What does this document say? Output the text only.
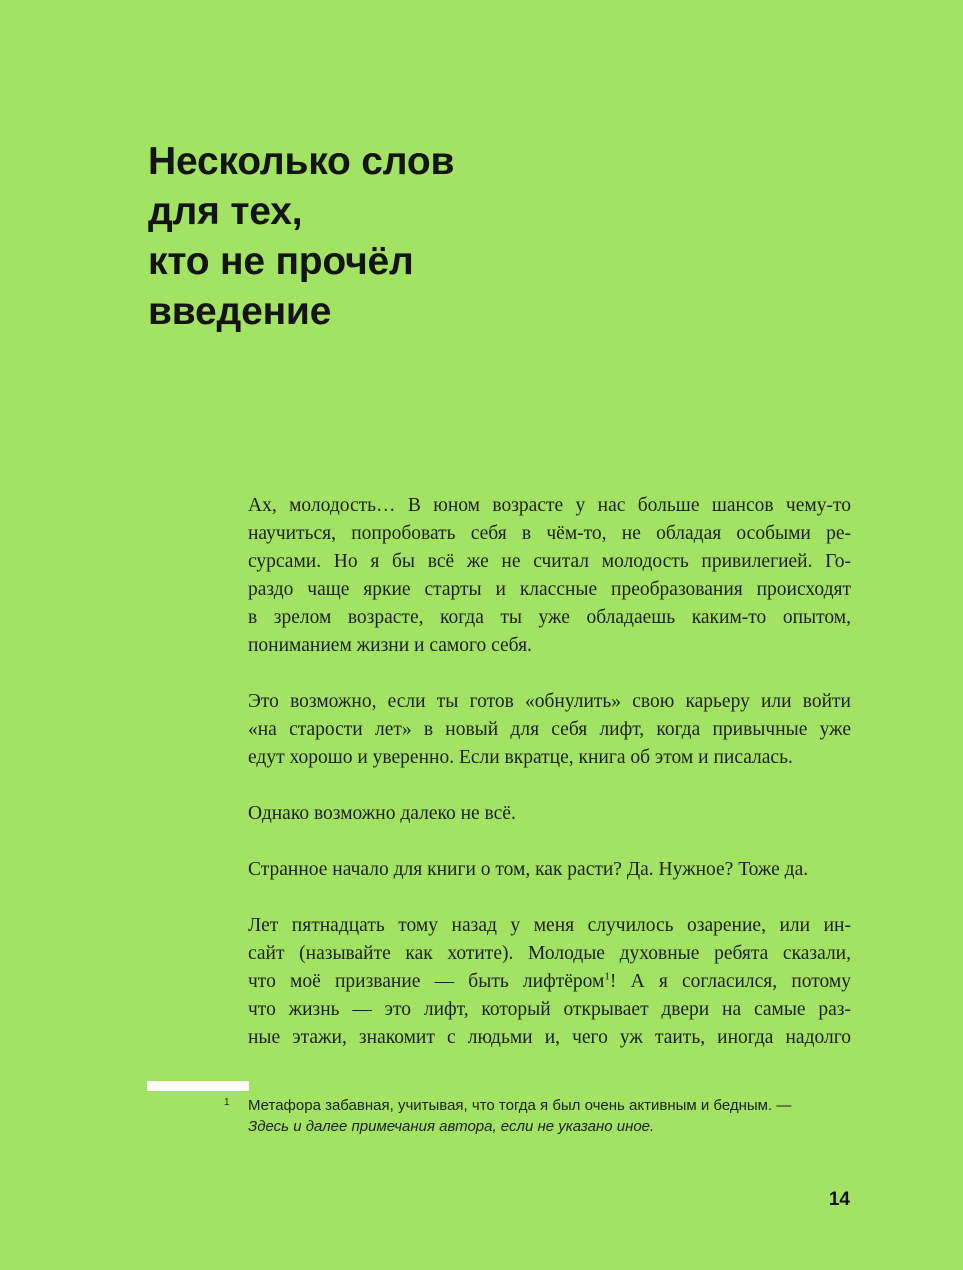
Несколько слов
для тех,
кто не прочёл
введение

Ах, молодость… В юном возрасте у нас больше шансов чему-то
научиться, попробовать себя в чём-то, не обладая особыми ре-
сурсами. Но я бы всё же не считал молодость привилегией. Го-
раздо чаще яркие старты и классные преобразования происходят
в зрелом возрасте, когда ты уже обладаешь каким-то опытом,
пониманием жизни и самого себя.

Это возможно, если ты готов «обнулить» свою карьеру или войти
«на старости лет» в новый для себя лифт, когда привычные уже
едут хорошо и уверенно. Если вкратце, книга об этом и писалась.

Однако возможно далеко не всё.

Странное начало для книги о том, как расти? Да. Нужное? Тоже да.

Лет пятнадцать тому назад у меня случилось озарение, или ин-
сайт (называйте как хотите). Молодые духовные ребята сказали,
что моё призвание — быть лифтёром$^1$! А я согласился, потому
что жизнь — это лифт, который открывает двери на самые раз-
ные этажи, знакомит с людьми и, чего уж таить, иногда надолго

1 Метафора забавная, учитывая, что тогда я был очень активным и бедным. —
Здесь и далее примечания автора, если не указано иное.
14
